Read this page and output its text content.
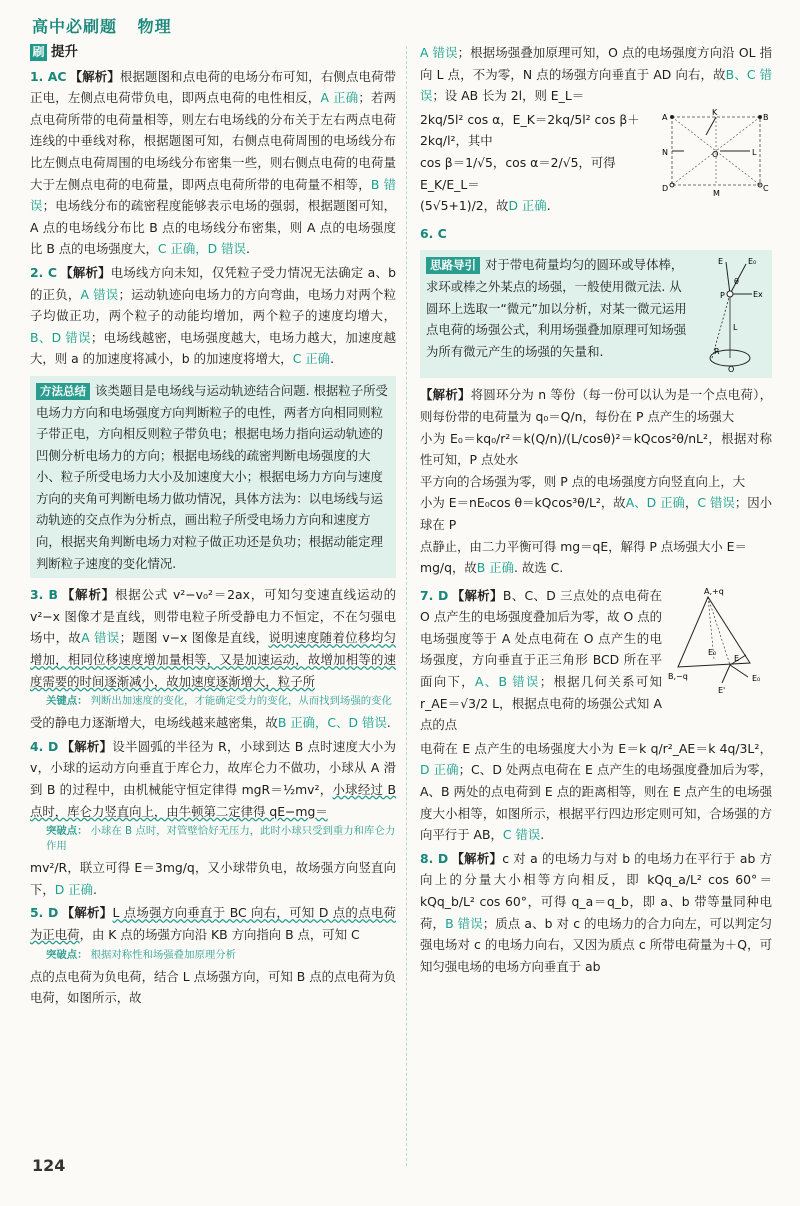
高中必刷题 物理
刷 提升

1. AC 【解析】根据题图和点电荷的电场分布可知，右侧点电荷带正电，左侧点电荷带负电，即两点电荷的电性相反，A 正确；若两点电荷所带的电荷量相等，则左右电场线的分布关于左右两点电荷连线的中垂线对称，根据题图可知，右侧点电荷周围的电场线分布比左侧点电荷周围的电场线分布密集一些，则右侧点电荷的电荷量大于左侧点电荷的电荷量，即两点电荷所带的电荷量不相等，B 错误；电场线分布的疏密程度能够表示电场的强弱，根据题图可知，A 点的电场线分布比 B 点的电场线分布密集，则 A 点的电场强度比 B 点的电场强度大，C 正确，D 错误.

2. C 【解析】电场线方向未知，仅凭粒子受力情况无法确定 a、b 的正负，A 错误；运动轨迹向电场力的方向弯曲，电场力对两个粒子均做正功，两个粒子的动能均增加，两个粒子的速度均增大，B、D 错误；电场线越密，电场强度越大，电场力越大，加速度越大，则 a 的加速度将减小，b 的加速度将增大，C 正确.

方法总结 该类题目是电场线与运动轨迹结合问题. 根据粒子所受电场力方向和电场强度方向判断粒子的电性，两者方向相同则粒子带正电，方向相反则粒子带负电；根据电场力指向运动轨迹的凹侧分析电场力的方向；根据电场线的疏密判断电场强度的大小、粒子所受电场力大小及加速度大小；根据电场力方向与速度方向的夹角可判断电场力做功情况，具体方法为：以电场线与运动轨迹的交点作为分析点，画出粒子所受电场力方向和速度方向，根据夹角判断电场力对粒子做正功还是负功；根据动能定理判断粒子速度的变化情况.

3. B 【解析】根据公式 v²−v₀²＝2ax，可知匀变速直线运动的 v²−x 图像才是直线，则带电粒子所受静电力不恒定，不在匀强电场中，故A 错误；题图 v−x 图像是直线，说明速度随着位移均匀增加，相同位移速度增加量相等，又是加速运动，故增加相等的速度需要的时间逐渐减小，故加速度逐渐增大，粒子所

关键点： 判断出加速度的变化，才能确定受力的变化，从而找到场强的变化

受的静电力逐渐增大，电场线越来越密集，故B 正确，C、D 错误.

4. D 【解析】设半圆弧的半径为 R，小球到达 B 点时速度大小为 v，小球的运动方向垂直于库仑力，故库仑力不做功，小球从 A 滑到 B 的过程中，由机械能守恒定律得 mgR＝½mv²，小球经过 B 点时，库仑力竖直向上，由牛顿第二定律得 qE−mg＝

突破点： 小球在 B 点时，对管壁恰好无压力，此时小球只受到重力和库仑力作用

mv²/R，联立可得 E＝3mg/q，又小球带负电，故场强方向竖直向下，D 正确.

5. D 【解析】L 点场强方向垂直于 BC 向右，可知 D 点的点电荷为正电荷，由 K 点的场强方向沿 KB 方向指向 B 点，可知 C

突破点： 根据对称性和场强叠加原理分析

点的点电荷为负电荷，结合 L 点场强方向，可知 B 点的点电荷为负电荷，如图所示，故

A 错误；根据场强叠加原理可知，O 点的电场强度方向沿 OL 指向 L 点，不为零，N 点的场强方向垂直于 AD 向右，故B、C 错误；设 AB 长为 2l，则 E_L＝

2kq/5l² cos α，E_K＝2kq/5l² cos β＋2kq/l²，其中
cos β＝1/√5，cos α＝2/√5，可得 E_K/E_L＝
(5√5+1)/2，故D 正确.
A	B
C
D
K
L
M
N	O

6. C

思路导引 对于带电荷量均匀的圆环或导体棒，求环或棒之外某点的场强，一般使用微元法. 从圆环上选取一“微元”加以分析，对某一微元运用点电荷的场强公式，利用场强叠加原理可知场强为所有微元产生的场强的矢量和.
E	E₀
Ex
P
θ
L
R
O

【解析】将圆环分为 n 等份（每一份可以认为是一个点电荷），则每份带的电荷量为 q₀＝Q/n，每份在 P 点产生的场强大
小为 E₀＝kq₀/r²＝k(Q/n)/(L/cosθ)²＝kQcos²θ/nL²，根据对称性可知，P 点处水
平方向的合场强为零，则 P 点的电场强度方向竖直向上，大
小为 E＝nE₀cos θ＝kQcos³θ/L²，故A、D 正确，C 错误；因小球在 P
点静止，由二力平衡可得 mg＝qE，解得 P 点场强大小 E＝
mg/q，故B 正确. 故选 C.

7. D 【解析】B、C、D 三点处的点电荷在 O 点产生的电场强度叠加后为零，故 O 点的电场强度等于 A 处点电荷在 O 点产生的电场强度，方向垂直于正三角形 BCD 所在平面向下，A、B 错误；根据几何关系可知 r_AE＝√3/2 L，根据点电荷的场强公式知 A 点的点

A,+q
B,−q
E₀
E
E'
E₀

电荷在 E 点产生的电场强度大小为 E＝k q/r²_AE＝k 4q/3L²，D 正确；C、D 处两点电荷在 E 点产生的电场强度叠加后为零，A、B 两处的点电荷到 E 点的距离相等，则在 E 点产生的电场强度大小相等，如图所示，根据平行四边形定则可知，合场强的方向平行于 AB，C 错误.

8. D 【解析】c 对 a 的电场力与对 b 的电场力在平行于 ab 方向上的分量大小相等方向相反，即 kQq_a/L² cos 60°＝kQq_b/L² cos 60°，可得 q_a＝q_b，即 a、b 带等量同种电荷，B 错误；质点 a、b 对 c 的电场力的合力向左，可以判定匀强电场对 c 的电场力向右，又因为质点 c 所带电荷量为＋Q，可知匀强电场的电场方向垂直于 ab

124
